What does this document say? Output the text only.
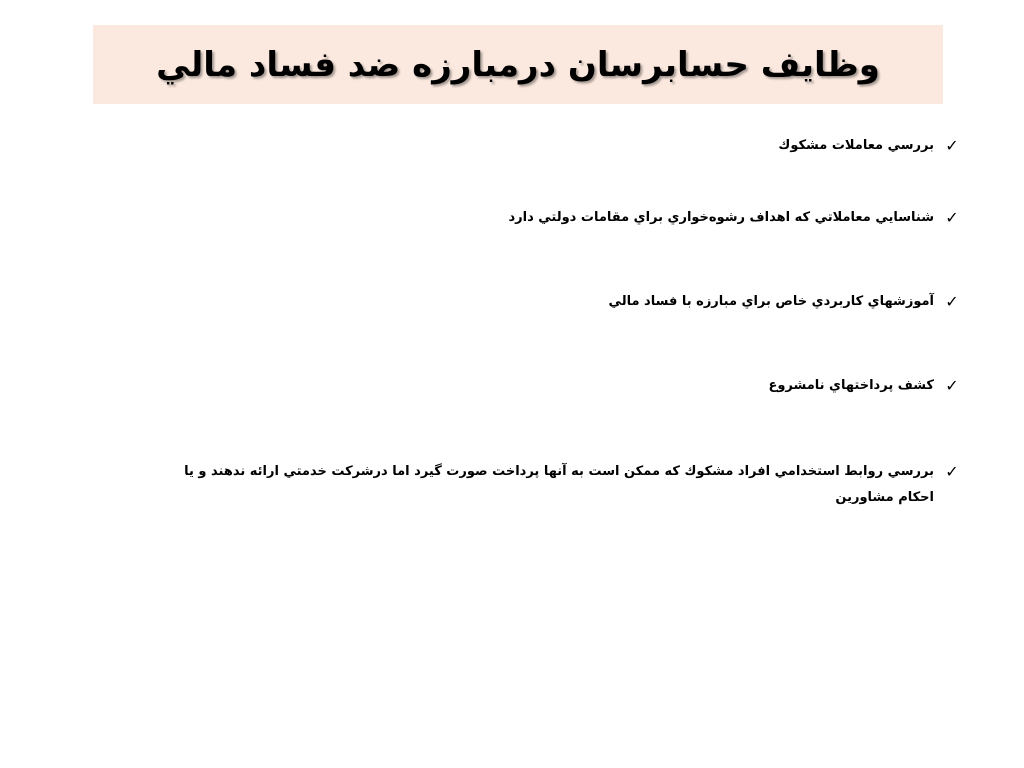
وظايف حسابرسان درمبارزه ضد فساد مالي
✓
بررسي معاملات مشكوك
✓
شناسايي معاملاتي كه اهداف رشوه‌خواري براي مقامات دولتي دارد
✓
آموزشهاي كاربردي خاص براي مبارزه با فساد مالي
✓
كشف پرداختهاي نامشروع
✓
بررسي روابط استخدامي افراد مشكوك كه ممكن است به آنها پرداخت صورت گيرد اما درشركت خدمتي ارائه ندهند و يا احكام مشاورين
